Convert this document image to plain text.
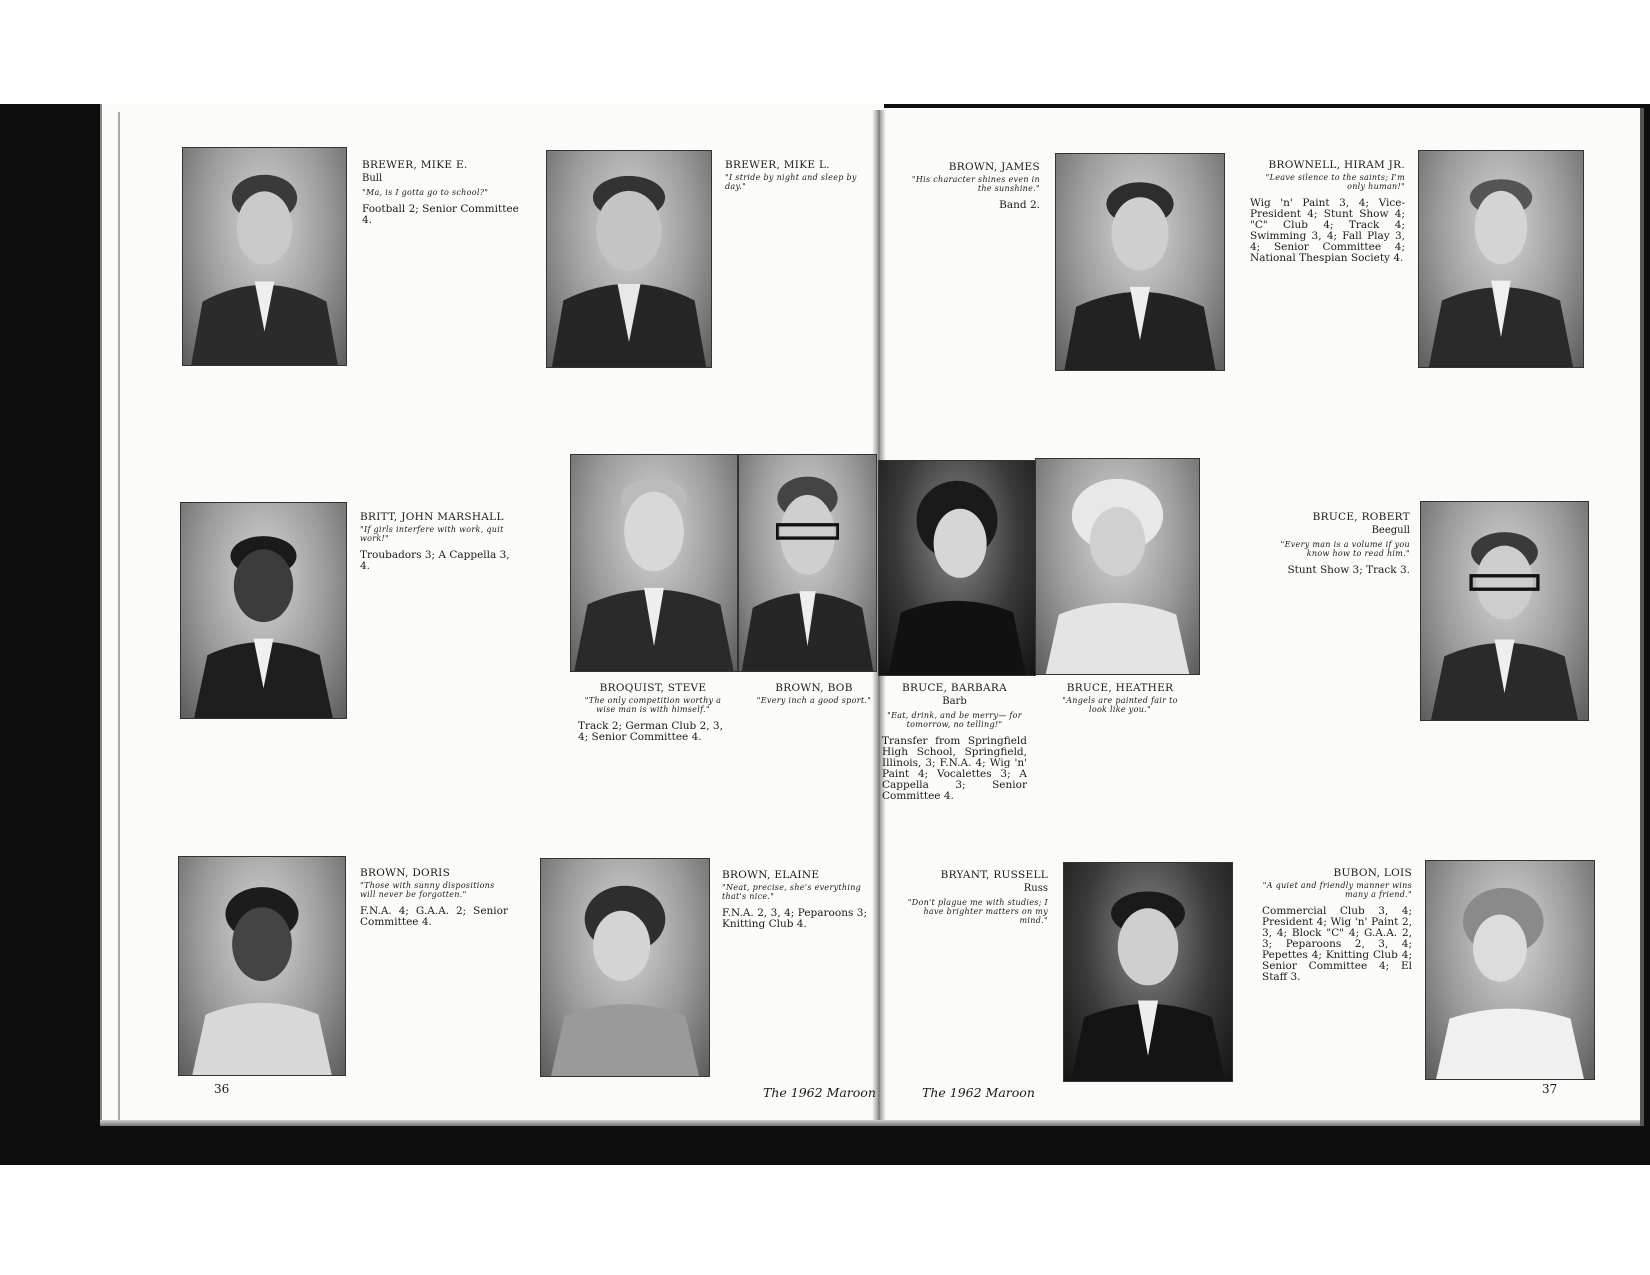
BREWER, MIKE E.
Bull
"Ma, is I gotta go to school?"
Football 2; Senior Committee 4.
BREWER, MIKE L.
"I stride by night and sleep by day."
BROWN, JAMES
"His character shines even in the sunshine."
Band 2.
BROWNELL, HIRAM JR.
"Leave silence to the saints; I'm only human!"
Wig 'n' Paint 3, 4; Vice-President 4; Stunt Show 4; "C" Club 4; Track 4; Swimming 3, 4; Fall Play 3, 4; Senior Committee 4; National Thespian Society 4.
BRITT, JOHN MARSHALL
"If girls interfere with work, quit work!"
Troubadors 3; A Cappella 3, 4.
BROQUIST, STEVE
"The only competition worthy a wise man is with himself."
Track 2; German Club 2, 3, 4; Senior Committee 4.
BROWN, BOB
"Every inch a good sport."
BRUCE, BARBARA
Barb
"Eat, drink, and be merry— for tomorrow, no telling!"
Transfer from Springfield High School, Springfield, Illinois, 3; F.N.A. 4; Wig 'n' Paint 4; Vocalettes 3; A Cappella 3; Senior Committee 4.
BRUCE, HEATHER
"Angels are painted fair to look like you."
BRUCE, ROBERT
Beegull
"Every man is a volume if you know how to read him."
Stunt Show 3; Track 3.
BROWN, DORIS
"Those with sunny dispositions will never be forgotten."
F.N.A. 4; G.A.A. 2; Senior Committee 4.
BROWN, ELAINE
"Neat, precise, she's everything that's nice."
F.N.A. 2, 3, 4; Peparoons 3; Knitting Club 4.
BRYANT, RUSSELL
Russ
"Don't plague me with studies; I have brighter matters on my mind."
BUBON, LOIS
"A quiet and friendly manner wins many a friend."
Commercial Club 3, 4; President 4; Wig 'n' Paint 2, 3, 4; Block "C" 4; G.A.A. 2, 3; Peparoons 2, 3, 4; Pepettes 4; Knitting Club 4; Senior Committee 4; El Staff 3.
36	The 1962 Maroon	The 1962 Maroon	37
